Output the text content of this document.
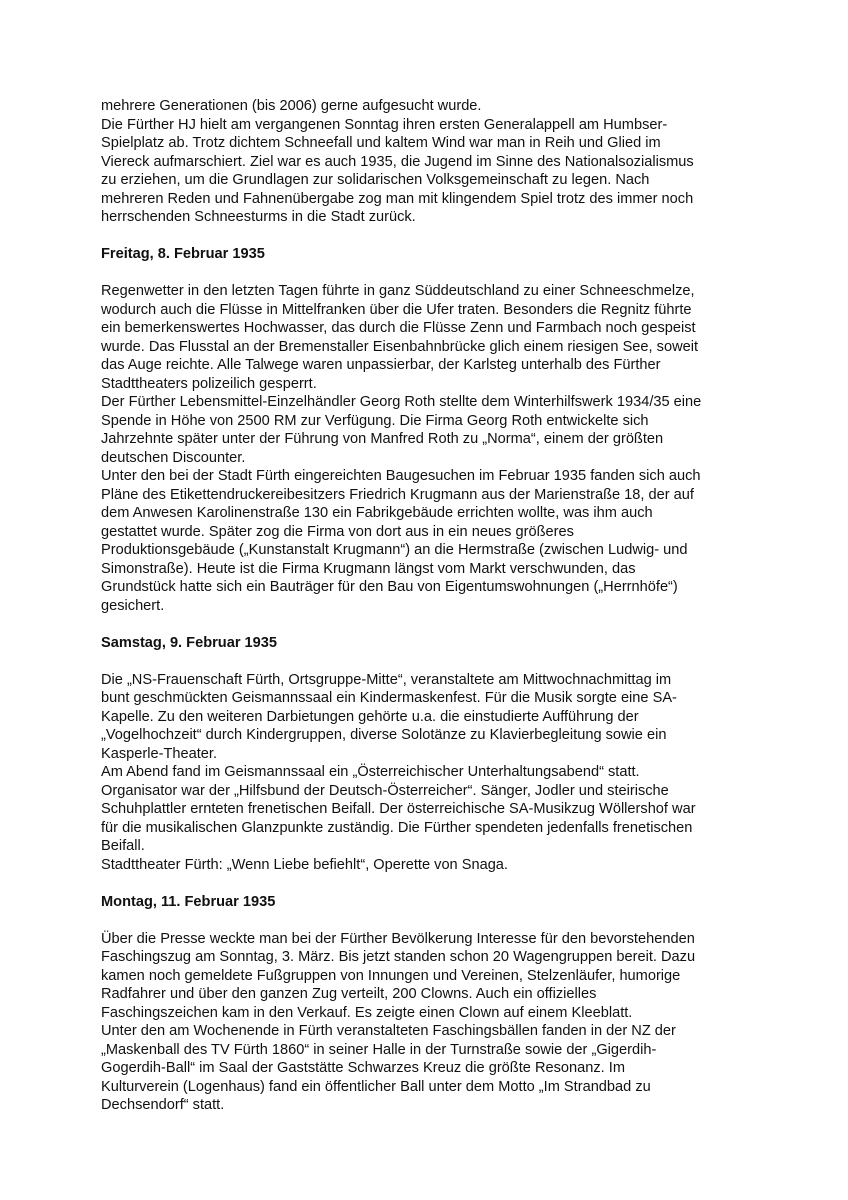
mehrere Generationen (bis 2006) gerne aufgesucht wurde.
Die Fürther HJ hielt am vergangenen Sonntag ihren ersten Generalappell am Humbser-
Spielplatz ab. Trotz dichtem Schneefall und kaltem Wind war man in Reih und Glied im
Viereck aufmarschiert. Ziel war es auch 1935, die Jugend im Sinne des Nationalsozialismus
zu erziehen, um die Grundlagen zur solidarischen Volksgemeinschaft zu legen. Nach
mehreren Reden und Fahnenübergabe zog man mit klingendem Spiel trotz des immer noch
herrschenden Schneesturms in die Stadt zurück.
Freitag, 8. Februar 1935
Regenwetter in den letzten Tagen führte in ganz Süddeutschland zu einer Schneeschmelze,
wodurch auch die Flüsse in Mittelfranken über die Ufer traten. Besonders die Regnitz führte
ein bemerkenswertes Hochwasser, das durch die Flüsse Zenn und Farmbach noch gespeist
wurde. Das Flusstal an der Bremenstaller Eisenbahnbrücke glich einem riesigen See, soweit
das Auge reichte. Alle Talwege waren unpassierbar, der Karlsteg unterhalb des Fürther
Stadttheaters polizeilich gesperrt.
Der Fürther Lebensmittel-Einzelhändler Georg Roth stellte dem Winterhilfswerk 1934/35 eine
Spende in Höhe von 2500 RM zur Verfügung. Die Firma Georg Roth entwickelte sich
Jahrzehnte später unter der Führung von Manfred Roth zu „Norma“, einem der größten
deutschen Discounter.
Unter den bei der Stadt Fürth eingereichten Baugesuchen im Februar 1935 fanden sich auch
Pläne des Etikettendruckereibesitzers Friedrich Krugmann aus der Marienstraße 18, der auf
dem Anwesen Karolinenstraße 130 ein Fabrikgebäude errichten wollte, was ihm auch
gestattet wurde. Später zog die Firma von dort aus in ein neues größeres
Produktionsgebäude („Kunstanstalt Krugmann“) an die Hermstraße (zwischen Ludwig- und
Simonstraße). Heute ist die Firma Krugmann längst vom Markt verschwunden, das
Grundstück hatte sich ein Bauträger für den Bau von Eigentumswohnungen („Herrnhöfe“)
gesichert.
Samstag, 9. Februar 1935
Die „NS-Frauenschaft Fürth, Ortsgruppe-Mitte“, veranstaltete am Mittwochnachmittag im
bunt geschmückten Geismannssaal ein Kindermaskenfest. Für die Musik sorgte eine SA-
Kapelle. Zu den weiteren Darbietungen gehörte u.a. die einstudierte Aufführung der
„Vogelhochzeit“ durch Kindergruppen, diverse Solotänze zu Klavierbegleitung sowie ein
Kasperle-Theater.
Am Abend fand im Geismannssaal ein „Österreichischer Unterhaltungsabend“ statt.
Organisator war der „Hilfsbund der Deutsch-Österreicher“. Sänger, Jodler und steirische
Schuhplattler ernteten frenetischen Beifall. Der österreichische SA-Musikzug Wöllershof war
für die musikalischen Glanzpunkte zuständig. Die Fürther spendeten jedenfalls frenetischen
Beifall.
Stadttheater Fürth: „Wenn Liebe befiehlt“, Operette von Snaga.
Montag, 11. Februar 1935
Über die Presse weckte man bei der Fürther Bevölkerung Interesse für den bevorstehenden
Faschingszug am Sonntag, 3. März. Bis jetzt standen schon 20 Wagengruppen bereit. Dazu
kamen noch gemeldete Fußgruppen von Innungen und Vereinen, Stelzenläufer, humorige
Radfahrer und über den ganzen Zug verteilt, 200 Clowns. Auch ein offizielles
Faschingszeichen kam in den Verkauf. Es zeigte einen Clown auf einem Kleeblatt.
Unter den am Wochenende in Fürth veranstalteten Faschingsbällen fanden in der NZ der
„Maskenball des TV Fürth 1860“ in seiner Halle in der Turnstraße sowie der „Gigerdih-
Gogerdih-Ball“ im Saal der Gaststätte Schwarzes Kreuz die größte Resonanz. Im
Kulturverein (Logenhaus) fand ein öffentlicher Ball unter dem Motto „Im Strandbad zu
Dechsendorf“ statt.
